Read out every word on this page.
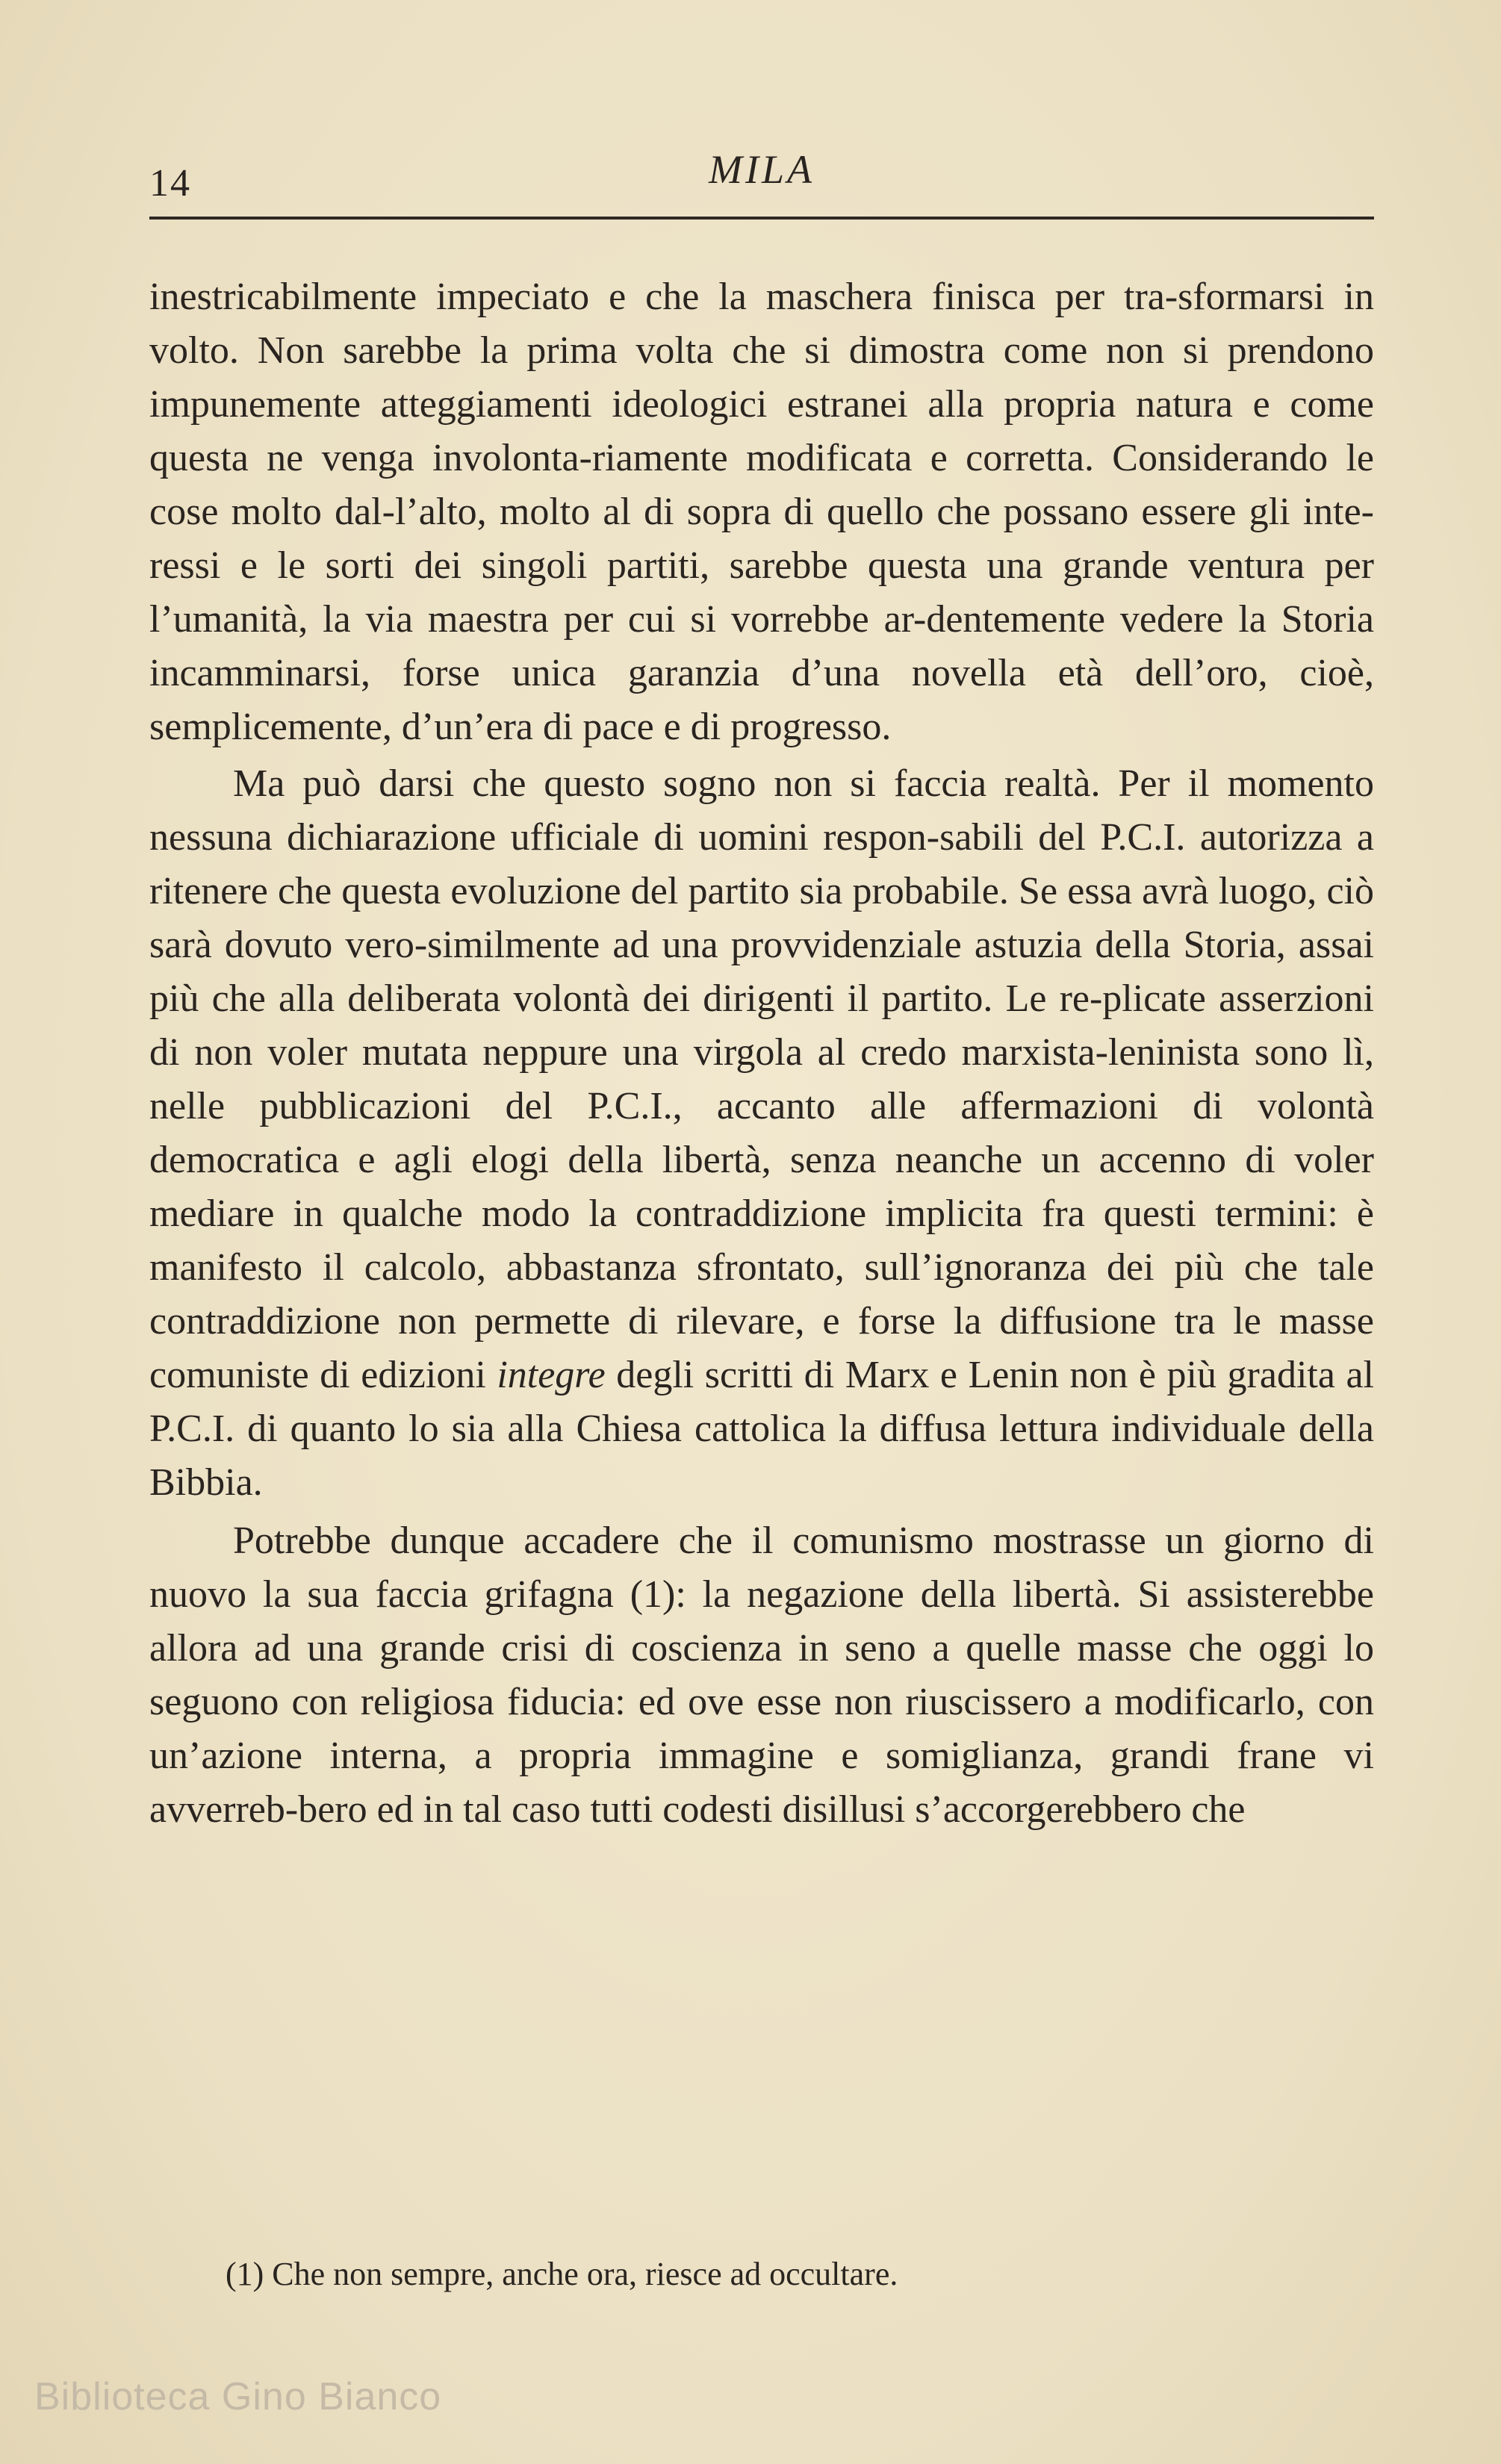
14	MILA

inestricabilmente impeciato e che la maschera finisca per tra-sformarsi in volto. Non sarebbe la prima volta che si dimostra come non si prendono impunemente atteggiamenti ideologici estranei alla propria natura e come questa ne venga involonta-riamente modificata e corretta. Considerando le cose molto dal-l’alto, molto al di sopra di quello che possano essere gli inte-ressi e le sorti dei singoli partiti, sarebbe questa una grande ventura per l’umanità, la via maestra per cui si vorrebbe ar-dentemente vedere la Storia incamminarsi, forse unica garanzia d’una novella età dell’oro, cioè, semplicemente, d’un’era di pace e di progresso.

Ma può darsi che questo sogno non si faccia realtà. Per il momento nessuna dichiarazione ufficiale di uomini respon-sabili del P.C.I. autorizza a ritenere che questa evoluzione del partito sia probabile. Se essa avrà luogo, ciò sarà dovuto vero-similmente ad una provvidenziale astuzia della Storia, assai più che alla deliberata volontà dei dirigenti il partito. Le re-plicate asserzioni di non voler mutata neppure una virgola al credo marxista-leninista sono lì, nelle pubblicazioni del P.C.I., accanto alle affermazioni di volontà democratica e agli elogi della libertà, senza neanche un accenno di voler mediare in qualche modo la contraddizione implicita fra questi termini: è manifesto il calcolo, abbastanza sfrontato, sull’ignoranza dei più che tale contraddizione non permette di rilevare, e forse la diffusione tra le masse comuniste di edizioni integre degli scritti di Marx e Lenin non è più gradita al P.C.I. di quanto lo sia alla Chiesa cattolica la diffusa lettura individuale della Bibbia.

Potrebbe dunque accadere che il comunismo mostrasse un giorno di nuovo la sua faccia grifagna (1): la negazione della libertà. Si assisterebbe allora ad una grande crisi di coscienza in seno a quelle masse che oggi lo seguono con religiosa fiducia: ed ove esse non riuscissero a modificarlo, con un’azione interna, a propria immagine e somiglianza, grandi frane vi avverreb-bero ed in tal caso tutti codesti disillusi s’accorgerebbero che

(1) Che non sempre, anche ora, riesce ad occultare.
Biblioteca Gino Bianco
